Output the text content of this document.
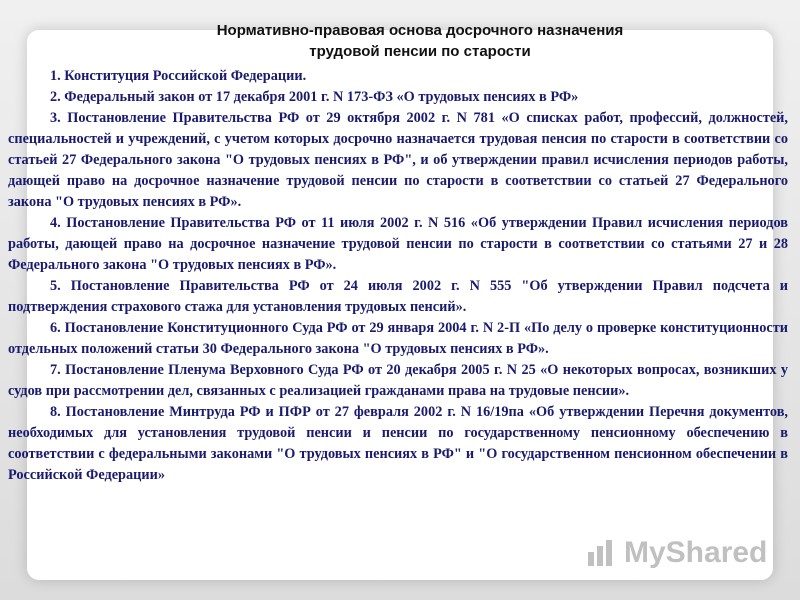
Нормативно-правовая основа досрочного назначения
трудовой пенсии по старости

1. Конституция Российской Федерации.

2. Федеральный закон от 17 декабря 2001 г. N 173-ФЗ «О трудовых пенсиях в РФ»

3. Постановление Правительства РФ от 29 октября 2002 г. N 781 «О списках работ, профессий, должностей, специальностей и учреждений, с учетом которых досрочно назначается трудовая пенсия по старости в соответствии со статьей 27 Федерального закона "О трудовых пенсиях в РФ", и об утверждении правил исчисления периодов работы, дающей право на досрочное назначение трудовой пенсии по старости в соответствии со статьей 27 Федерального закона "О трудовых пенсиях в РФ».

4. Постановление Правительства РФ от 11 июля 2002 г. N 516 «Об утверждении Правил исчисления периодов работы, дающей право на досрочное назначение трудовой пенсии по старости в соответствии со статьями 27 и 28 Федерального закона "О трудовых пенсиях в РФ».

5. Постановление Правительства РФ от 24 июля 2002 г. N 555 "Об утверждении Правил подсчета и подтверждения страхового стажа для установления трудовых пенсий».

6. Постановление Конституционного Суда РФ от 29 января 2004 г. N 2-П «По делу о проверке конституционности отдельных положений статьи 30 Федерального закона "О трудовых пенсиях в РФ».

7. Постановление Пленума Верховного Суда РФ от 20 декабря 2005 г. N 25 «О некоторых вопросах, возникших у судов при рассмотрении дел, связанных с реализацией гражданами права на трудовые пенсии».

8. Постановление Минтруда РФ и ПФР от 27 февраля 2002 г. N 16/19па «Об утверждении Перечня документов, необходимых для установления трудовой пенсии и пенсии по государственному пенсионному обеспечению в соответствии с федеральными законами "О трудовых пенсиях в РФ" и "О государственном пенсионном обеспечении в Российской Федерации»

MyShared
